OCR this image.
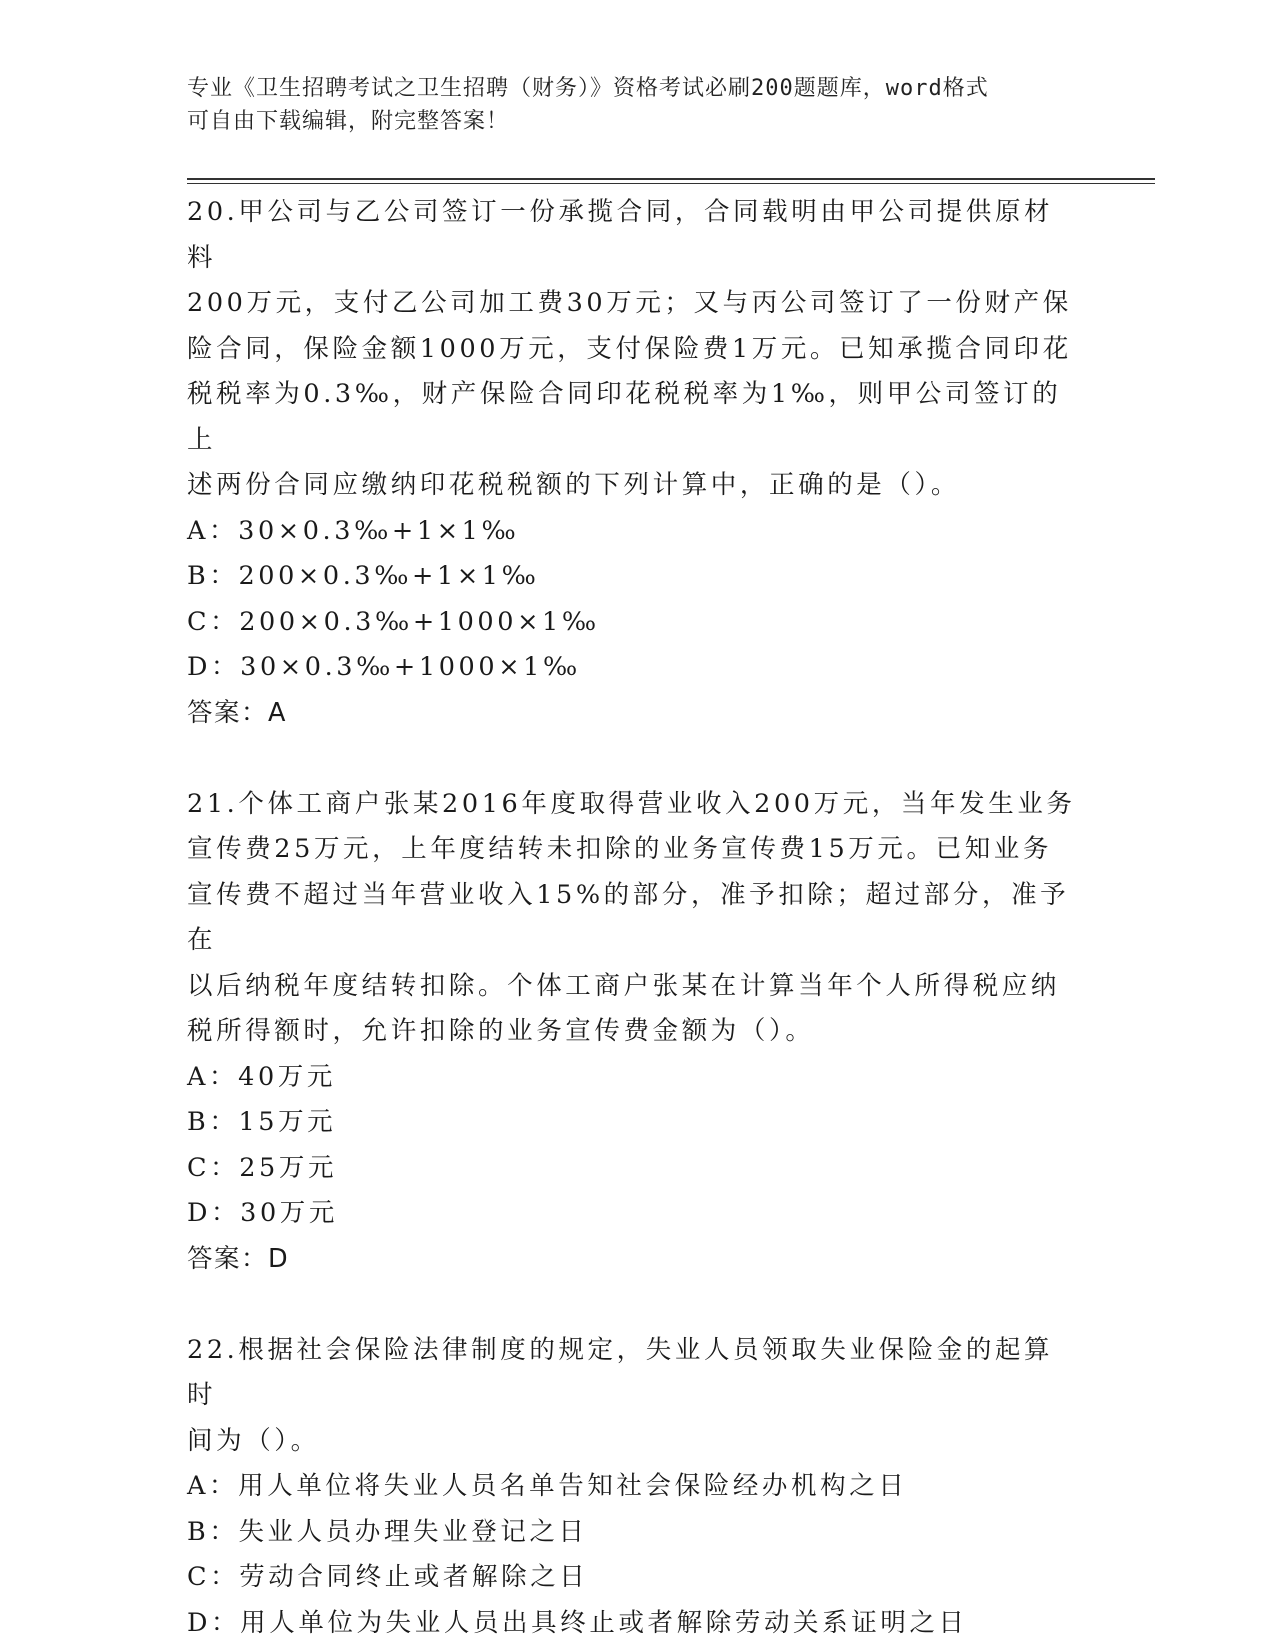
专业《卫生招聘考试之卫生招聘（财务）》资格考试必刷200题题库，word格式
可自由下载编辑，附完整答案！
20.甲公司与乙公司签订一份承揽合同，合同载明由甲公司提供原材料
200万元，支付乙公司加工费30万元；又与丙公司签订了一份财产保
险合同，保险金额1000万元，支付保险费1万元。已知承揽合同印花
税税率为0.3‰，财产保险合同印花税税率为1‰，则甲公司签订的上
述两份合同应缴纳印花税税额的下列计算中，正确的是（）。
A：30×0.3‰+1×1‰
B：200×0.3‰+1×1‰
C：200×0.3‰+1000×1‰
D：30×0.3‰+1000×1‰
答案：A
21.个体工商户张某2016年度取得营业收入200万元，当年发生业务
宣传费25万元，上年度结转未扣除的业务宣传费15万元。已知业务
宣传费不超过当年营业收入15%的部分，准予扣除；超过部分，准予在
以后纳税年度结转扣除。个体工商户张某在计算当年个人所得税应纳
税所得额时，允许扣除的业务宣传费金额为（）。
A：40万元
B：15万元
C：25万元
D：30万元
答案：D
22.根据社会保险法律制度的规定，失业人员领取失业保险金的起算时
间为（）。
A：用人单位将失业人员名单告知社会保险经办机构之日
B：失业人员办理失业登记之日
C：劳动合同终止或者解除之日
D：用人单位为失业人员出具终止或者解除劳动关系证明之日
